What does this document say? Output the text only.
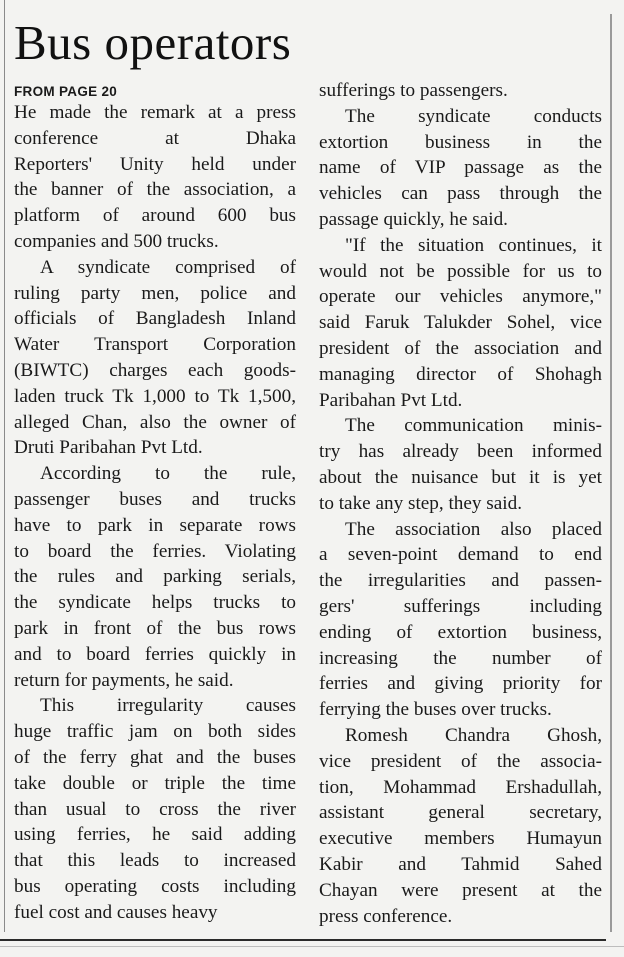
Bus operators
FROM PAGE 20
He made the remark at a press
conference at Dhaka
Reporters' Unity held under
the banner of the association, a
platform of around 600 bus
companies and 500 trucks.
A syndicate comprised of
ruling party men, police and
officials of Bangladesh Inland
Water Transport Corporation
(BIWTC) charges each goods-
laden truck Tk 1,000 to Tk 1,500,
alleged Chan, also the owner of
Druti Paribahan Pvt Ltd.
According to the rule,
passenger buses and trucks
have to park in separate rows
to board the ferries. Violating
the rules and parking serials,
the syndicate helps trucks to
park in front of the bus rows
and to board ferries quickly in
return for payments, he said.
This irregularity causes
huge traffic jam on both sides
of the ferry ghat and the buses
take double or triple the time
than usual to cross the river
using ferries, he said adding
that this leads to increased
bus operating costs including
fuel cost and causes heavy
sufferings to passengers.
The syndicate conducts
extortion business in the
name of VIP passage as the
vehicles can pass through the
passage quickly, he said.
"If the situation continues, it
would not be possible for us to
operate our vehicles anymore,"
said Faruk Talukder Sohel, vice
president of the association and
managing director of Shohagh
Paribahan Pvt Ltd.
The communication minis-
try has already been informed
about the nuisance but it is yet
to take any step, they said.
The association also placed
a seven-point demand to end
the irregularities and passen-
gers' sufferings including
ending of extortion business,
increasing the number of
ferries and giving priority for
ferrying the buses over trucks.
Romesh Chandra Ghosh,
vice president of the associa-
tion, Mohammad Ershadullah,
assistant general secretary,
executive members Humayun
Kabir and Tahmid Sahed
Chayan were present at the
press conference.
